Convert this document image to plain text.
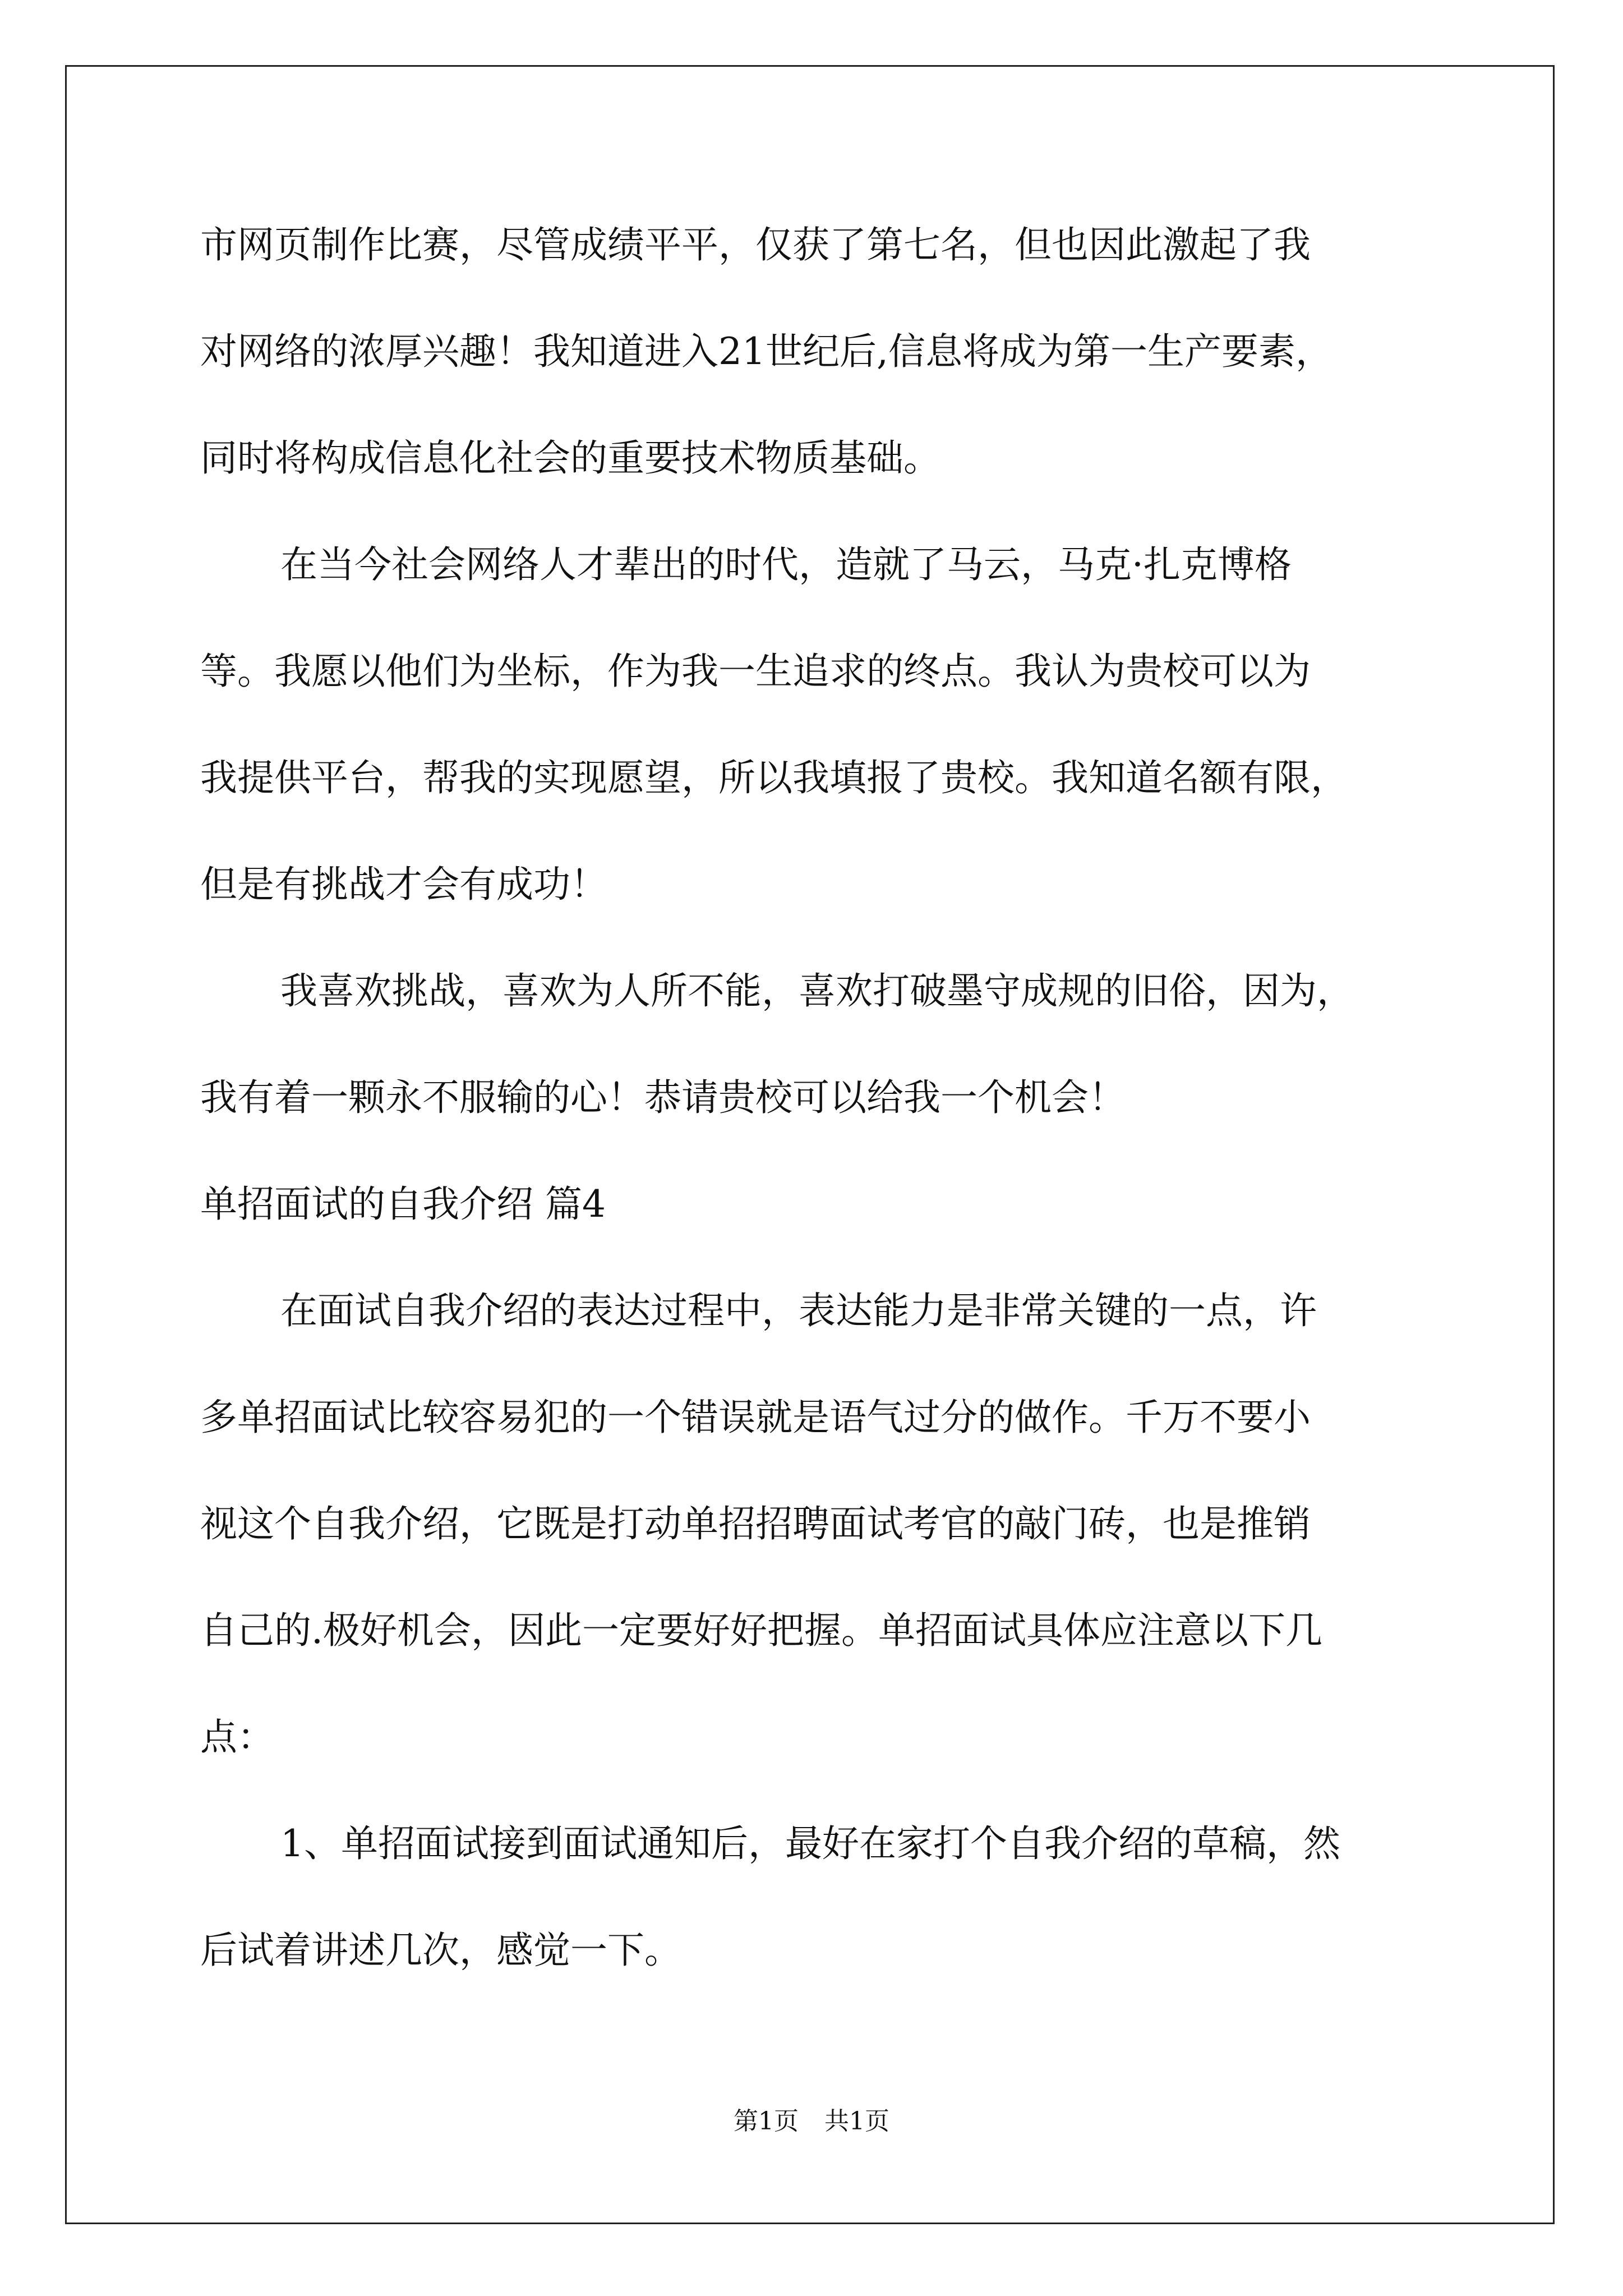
市网页制作比赛，尽管成绩平平，仅获了第七名，但也因此激起了我
对网络的浓厚兴趣！我知道进入21世纪后,信息将成为第一生产要素，
同时将构成信息化社会的重要技术物质基础。
在当今社会网络人才辈出的时代，造就了马云，马克·扎克博格
等。我愿以他们为坐标，作为我一生追求的终点。我认为贵校可以为
我提供平台，帮我的实现愿望，所以我填报了贵校。我知道名额有限，
但是有挑战才会有成功！
我喜欢挑战，喜欢为人所不能，喜欢打破墨守成规的旧俗，因为，
我有着一颗永不服输的心！恭请贵校可以给我一个机会！
单招面试的自我介绍 篇4
在面试自我介绍的表达过程中，表达能力是非常关键的一点，许
多单招面试比较容易犯的一个错误就是语气过分的做作。千万不要小
视这个自我介绍，它既是打动单招招聘面试考官的敲门砖，也是推销
自己的.极好机会，因此一定要好好把握。单招面试具体应注意以下几
点：
1、单招面试接到面试通知后，最好在家打个自我介绍的草稿，然
后试着讲述几次，感觉一下。
第1页 共1页
